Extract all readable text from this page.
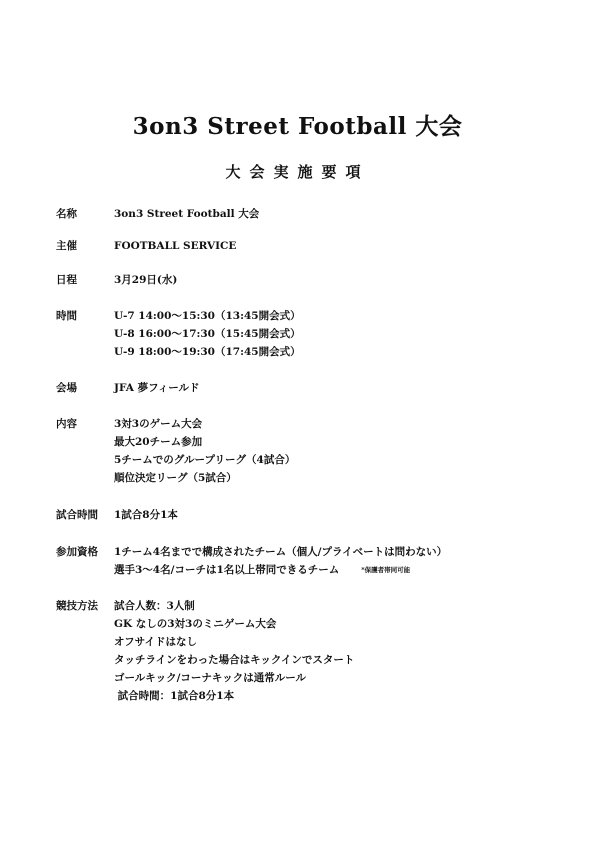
3on3 Street Football 大会
大会実施要項
名称	3on3 Street Football 大会
主催	FOOTBALL SERVICE
日程	3月29日(水)
時間	U-7 14:00～15:30（13:45開会式）
U-8 16:00～17:30（15:45開会式）
U-9 18:00～19:30（17:45開会式）
会場	JFA 夢フィールド
内容	3対3のゲーム大会
最大20チーム参加
5チームでのグループリーグ（4試合）
順位決定リーグ（5試合）
試合時間	1試合8分1本
参加資格	1チーム4名までで構成されたチーム（個人/プライベートは問わない）
選手3～4名/コーチは1名以上帯同できるチーム	*保護者帯同可能
競技方法	試合人数：3人制
GK なしの3対3のミニゲーム大会
オフサイドはなし
タッチラインをわった場合はキックインでスタート
ゴールキック/コーナキックは通常ルール
試合時間：1試合8分1本
